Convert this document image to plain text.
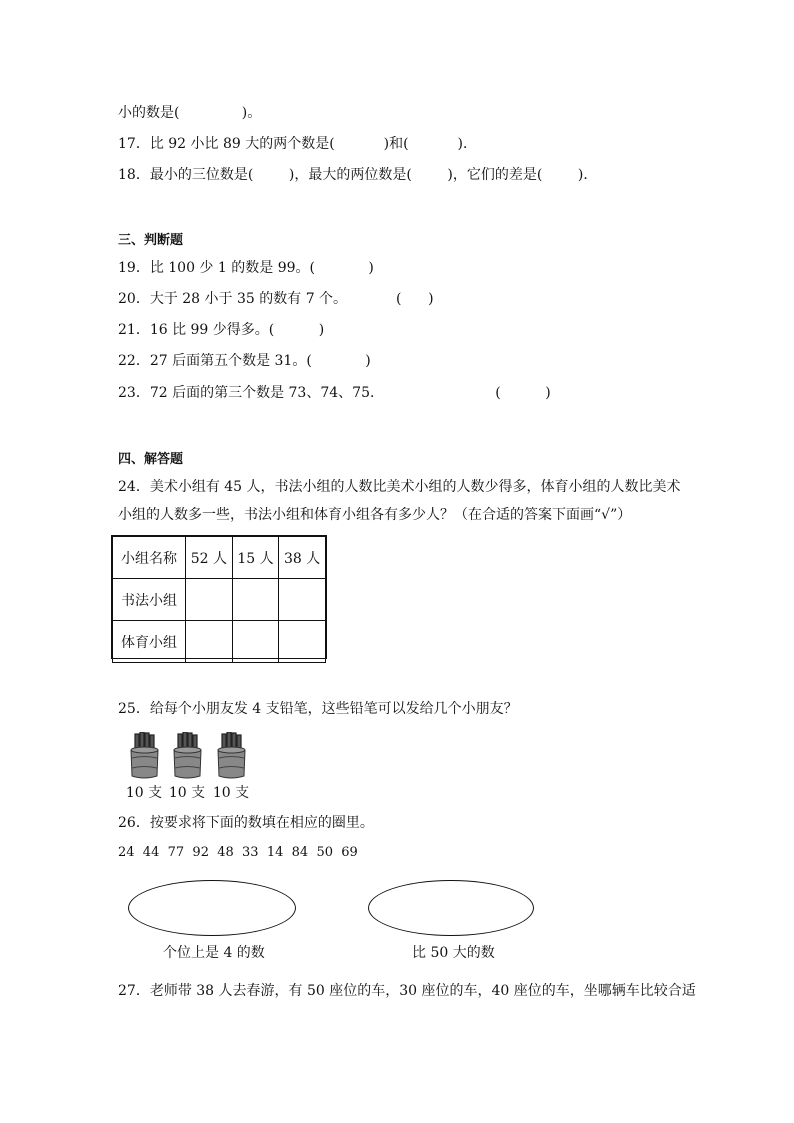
小的数是(              )。
17．比 92 小比 89 大的两个数是(           )和(           )．
18．最小的三位数是(        )，最大的两位数是(        )，它们的差是(        )．
三、判断题
19．比 100 少 1 的数是 99。(            )
20．大于 28 小于 35 的数有 7 个。           (      )
21．16 比 99 少得多。(          )
22．27 后面第五个数是 31。(            )
23．72 后面的第三个数是 73、74、75．                         (          )
四、解答题
24．美术小组有 45 人，书法小组的人数比美术小组的人数少得多，体育小组的人数比美术
小组的人数多一些，书法小组和体育小组各有多少人？（在合适的答案下面画“√”）
小组名称	52 人	15 人	38 人
书法小组			
体育小组			
25．给每个小朋友发 4 支铅笔，这些铅笔可以发给几个小朋友？
10 支 10 支 10 支
26．按要求将下面的数填在相应的圈里。
24  44  77  92  48  33  14  84  50  69
个位上是 4 的数	比 50 大的数
27．老师带 38 人去春游，有 50 座位的车，30 座位的车，40 座位的车，坐哪辆车比较合适
